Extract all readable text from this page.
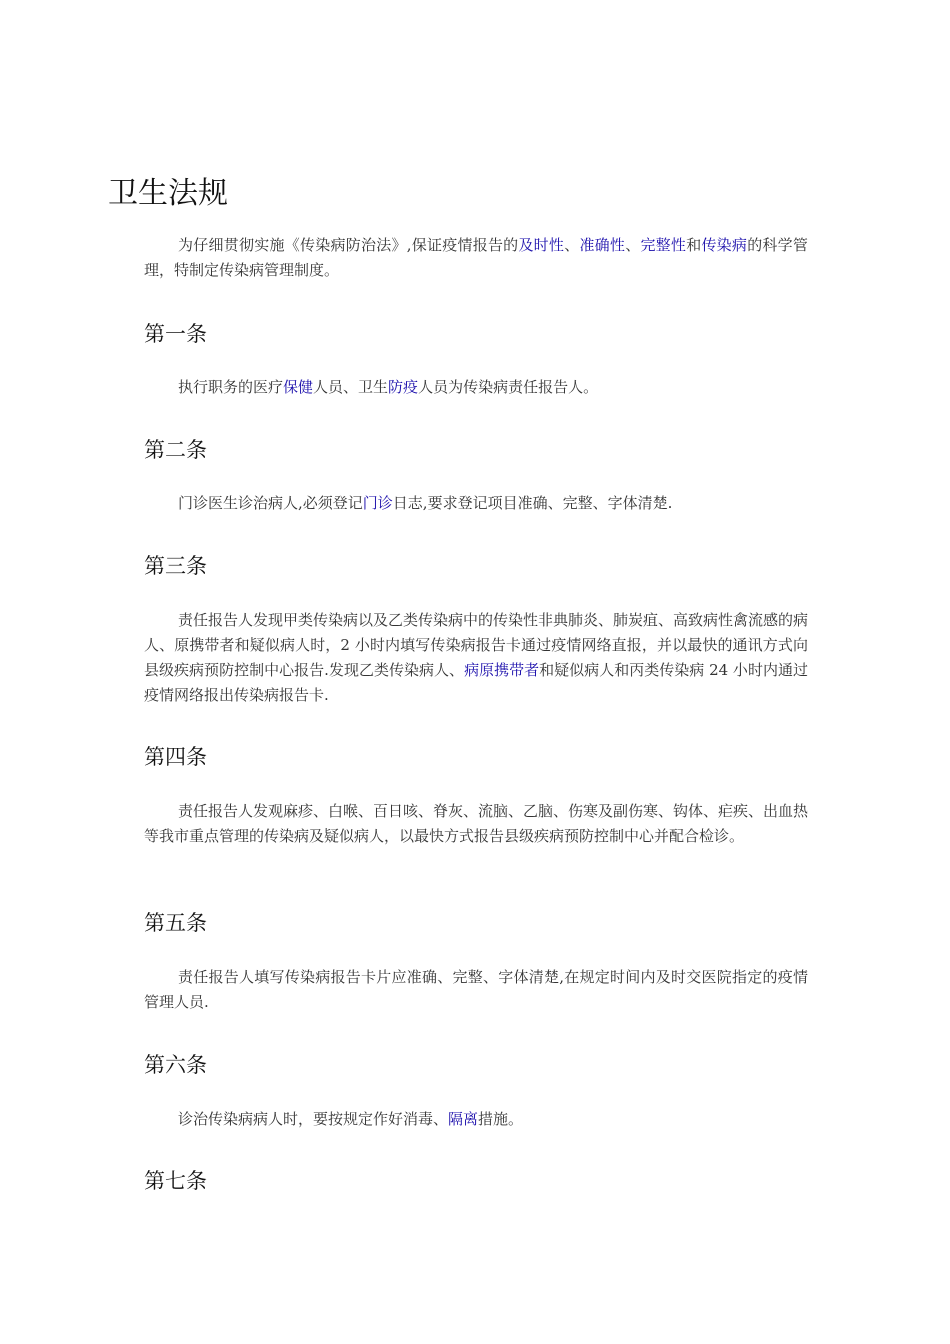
卫生法规

为仔细贯彻实施《传染病防治法》,保证疫情报告的及时性、准确性、完整性和传染病的科学管理，特制定传染病管理制度。

第一条

执行职务的医疗保健人员、卫生防疫人员为传染病责任报告人。

第二条

门诊医生诊治病人,必须登记门诊日志,要求登记项目准确、完整、字体清楚.

第三条

责任报告人发现甲类传染病以及乙类传染病中的传染性非典肺炎、肺炭疽、高致病性禽流感的病人、原携带者和疑似病人时，2 小时内填写传染病报告卡通过疫情网络直报，并以最快的通讯方式向县级疾病预防控制中心报告.发现乙类传染病人、病原携带者和疑似病人和丙类传染病 24 小时内通过疫情网络报出传染病报告卡.

第四条

责任报告人发观麻疹、白喉、百日咳、脊灰、流脑、乙脑、伤寒及副伤寒、钩体、疟疾、出血热等我市重点管理的传染病及疑似病人，以最快方式报告县级疾病预防控制中心并配合检诊。

第五条

责任报告人填写传染病报告卡片应准确、完整、字体清楚,在规定时间内及时交医院指定的疫情管理人员.

第六条

诊治传染病病人时，要按规定作好消毒、隔离措施。

第七条
